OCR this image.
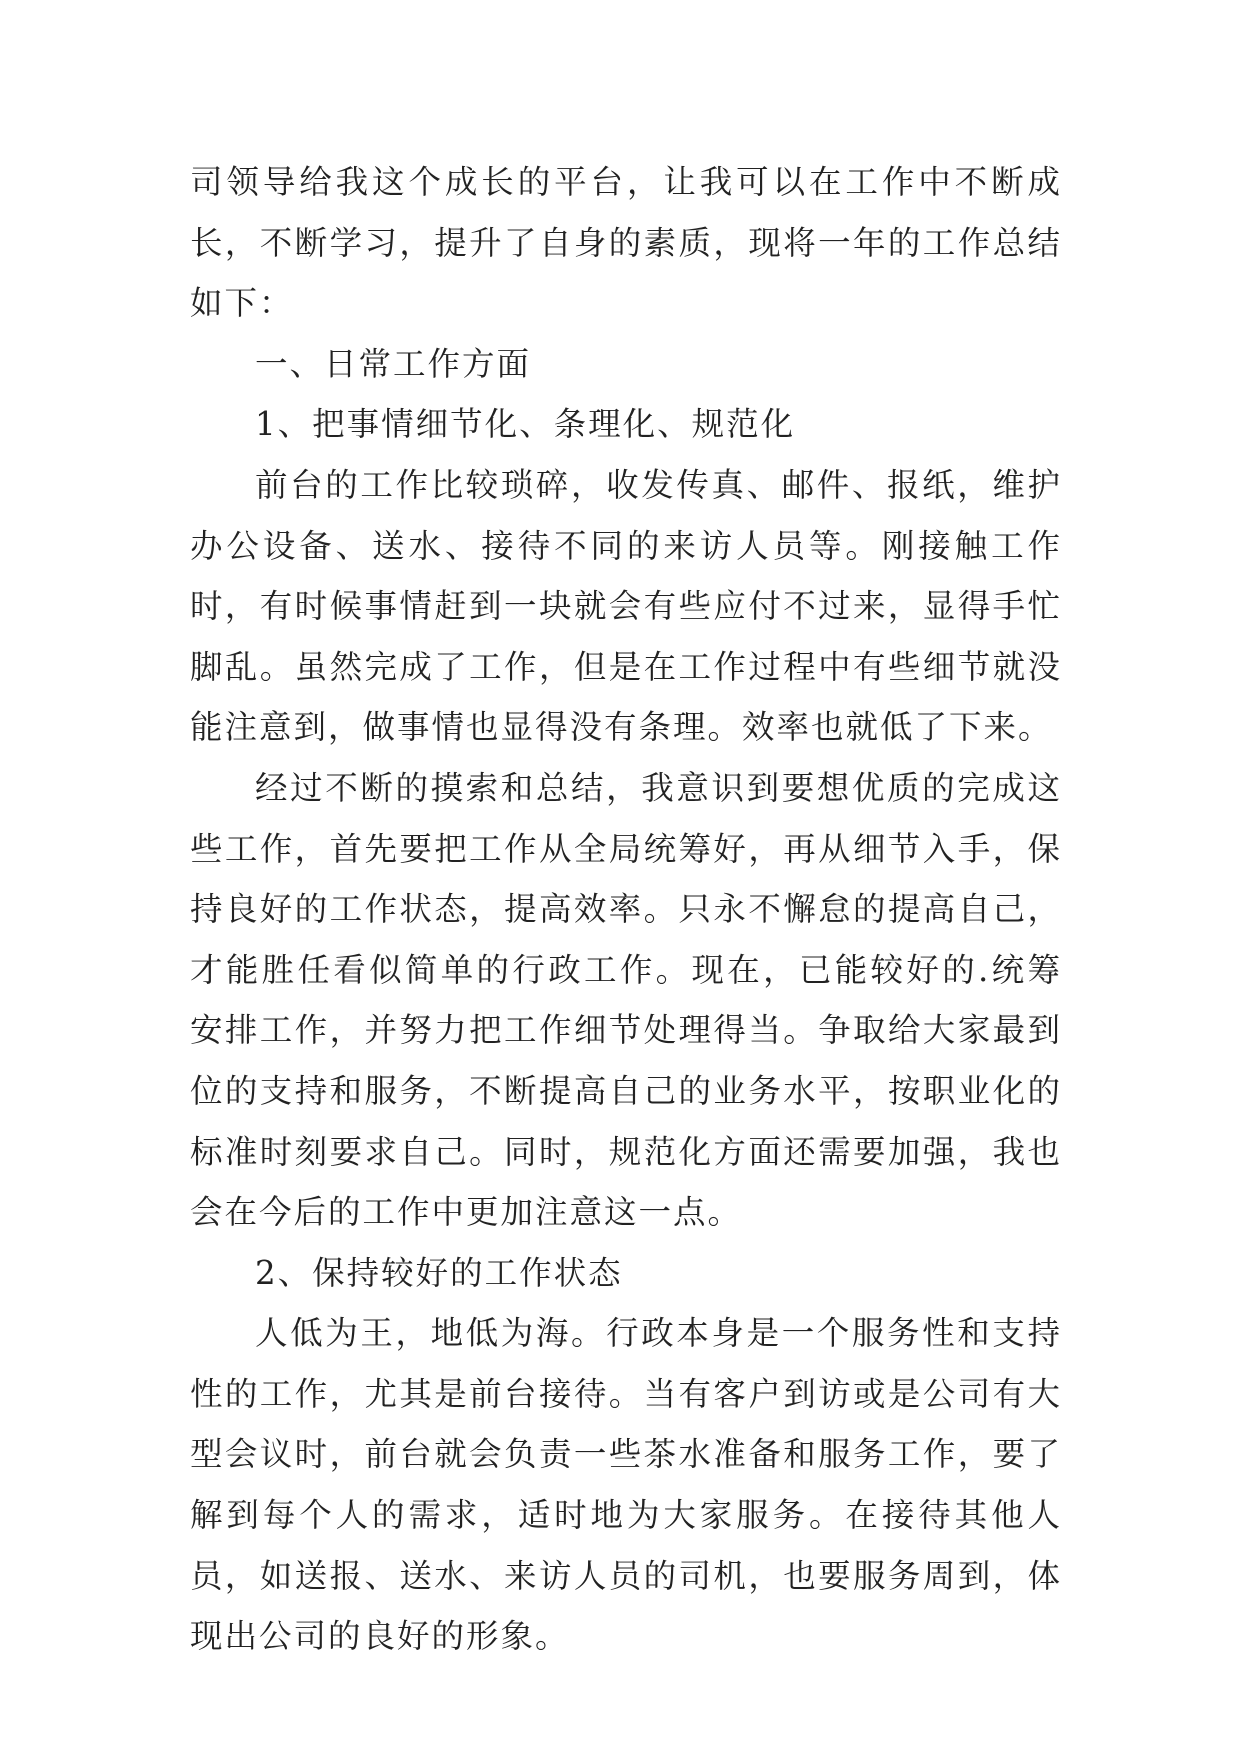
司领导给我这个成长的平台，让我可以在工作中不断成长，不断学习，提升了自身的素质，现将一年的工作总结如下：

一、日常工作方面

1、把事情细节化、条理化、规范化

前台的工作比较琐碎，收发传真、邮件、报纸，维护办公设备、送水、接待不同的来访人员等。刚接触工作时，有时候事情赶到一块就会有些应付不过来，显得手忙脚乱。虽然完成了工作，但是在工作过程中有些细节就没能注意到，做事情也显得没有条理。效率也就低了下来。

经过不断的摸索和总结，我意识到要想优质的完成这些工作，首先要把工作从全局统筹好，再从细节入手，保持良好的工作状态，提高效率。只永不懈怠的提高自己，才能胜任看似简单的行政工作。现在，已能较好的.统筹安排工作，并努力把工作细节处理得当。争取给大家最到位的支持和服务，不断提高自己的业务水平，按职业化的标准时刻要求自己。同时，规范化方面还需要加强，我也会在今后的工作中更加注意这一点。

2、保持较好的工作状态

人低为王，地低为海。行政本身是一个服务性和支持性的工作，尤其是前台接待。当有客户到访或是公司有大型会议时，前台就会负责一些茶水准备和服务工作，要了解到每个人的需求，适时地为大家服务。在接待其他人员，如送报、送水、来访人员的司机，也要服务周到，体现出公司的良好的形象。
